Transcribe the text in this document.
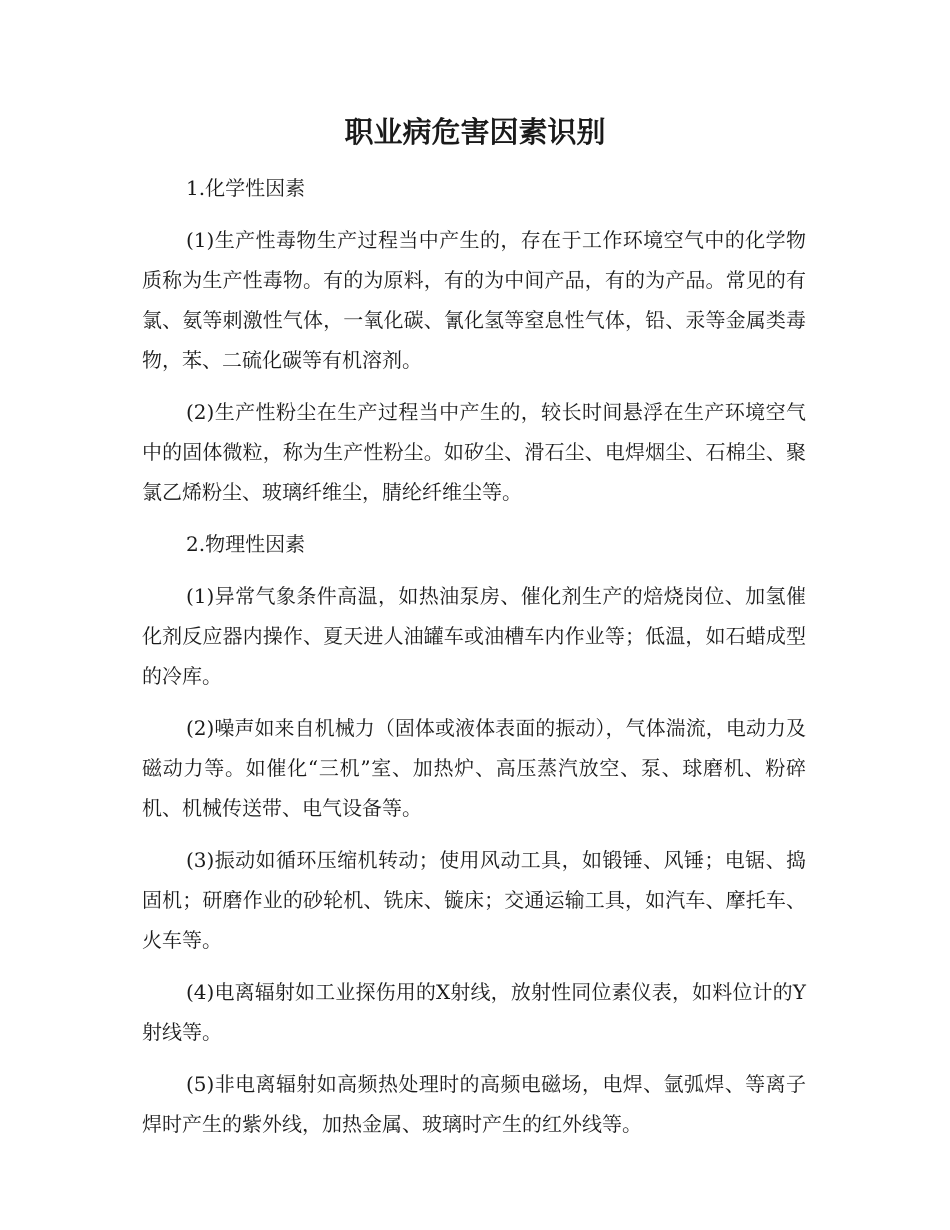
职业病危害因素识别

1.化学性因素

(1)生产性毒物生产过程当中产生的，存在于工作环境空气中的化学物质称为生产性毒物。有的为原料，有的为中间产品，有的为产品。常见的有氯、氨等刺激性气体，一氧化碳、氰化氢等窒息性气体，铅、汞等金属类毒物，苯、二硫化碳等有机溶剂。

(2)生产性粉尘在生产过程当中产生的，较长时间悬浮在生产环境空气中的固体微粒，称为生产性粉尘。如矽尘、滑石尘、电焊烟尘、石棉尘、聚氯乙烯粉尘、玻璃纤维尘，腈纶纤维尘等。

2.物理性因素

(1)异常气象条件高温，如热油泵房、催化剂生产的焙烧岗位、加氢催化剂反应器内操作、夏天进人油罐车或油槽车内作业等；低温，如石蜡成型的冷库。

(2)噪声如来自机械力（固体或液体表面的振动），气体湍流，电动力及磁动力等。如催化“三机”室、加热炉、高压蒸汽放空、泵、球磨机、粉碎机、机械传送带、电气设备等。

(3)振动如循环压缩机转动；使用风动工具，如锻锤、风锤；电锯、捣固机；研磨作业的砂轮机、铣床、镟床；交通运输工具，如汽车、摩托车、火车等。

(4)电离辐射如工业探伤用的X射线，放射性同位素仪表，如料位计的Y射线等。

(5)非电离辐射如高频热处理时的高频电磁场，电焊、氩弧焊、等离子焊时产生的紫外线，加热金属、玻璃时产生的红外线等。
